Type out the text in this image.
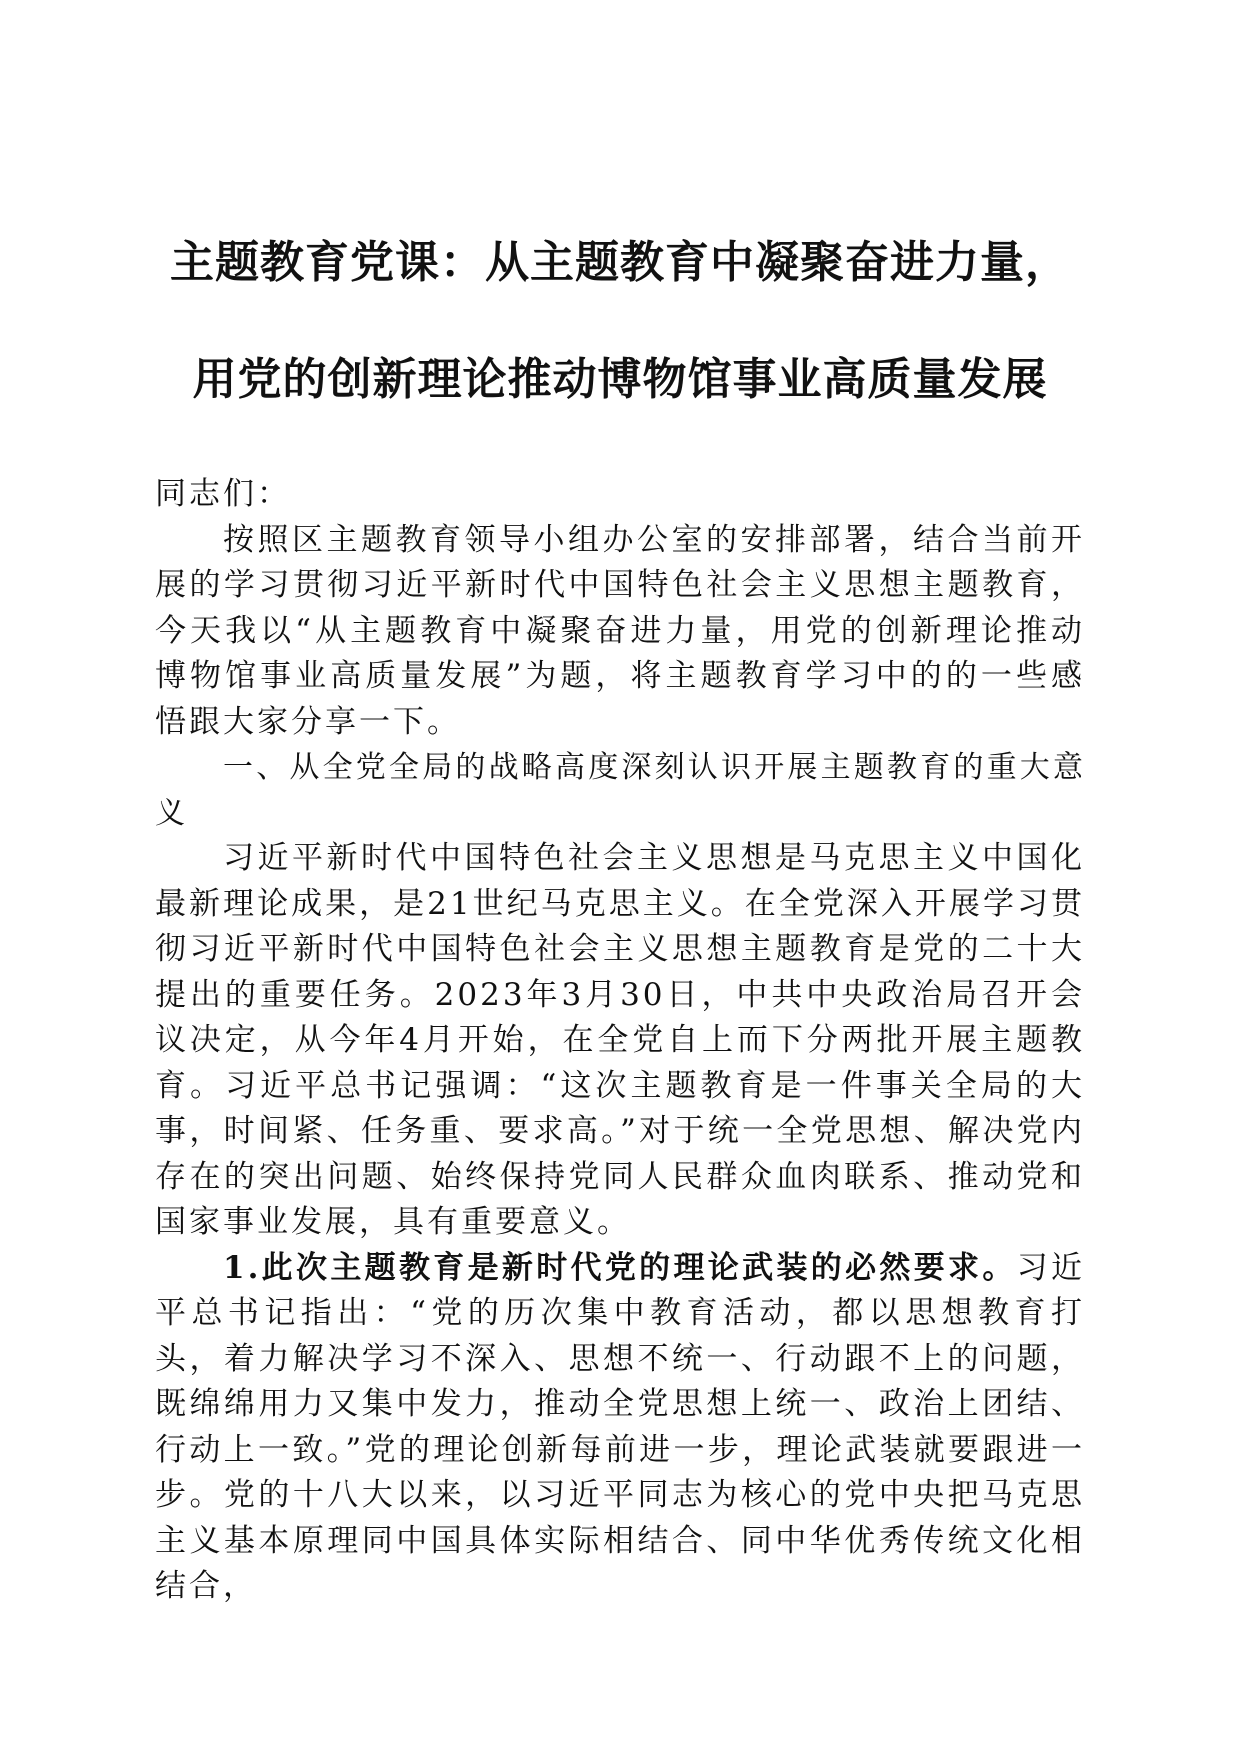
主题教育党课：从主题教育中凝聚奋进力量，
用党的创新理论推动博物馆事业高质量发展

同志们：

按照区主题教育领导小组办公室的安排部署，结合当前开展的学习贯彻习近平新时代中国特色社会主义思想主题教育，今天我以“从主题教育中凝聚奋进力量，用党的创新理论推动博物馆事业高质量发展”为题，将主题教育学习中的的一些感悟跟大家分享一下。

一、从全党全局的战略高度深刻认识开展主题教育的重大意义

习近平新时代中国特色社会主义思想是马克思主义中国化最新理论成果，是21世纪马克思主义。在全党深入开展学习贯彻习近平新时代中国特色社会主义思想主题教育是党的二十大提出的重要任务。2023年3月30日，中共中央政治局召开会议决定，从今年4月开始，在全党自上而下分两批开展主题教育。习近平总书记强调：“这次主题教育是一件事关全局的大事，时间紧、任务重、要求高。”对于统一全党思想、解决党内存在的突出问题、始终保持党同人民群众血肉联系、推动党和国家事业发展，具有重要意义。

1.此次主题教育是新时代党的理论武装的必然要求。习近平总书记指出：“党的历次集中教育活动，都以思想教育打头，着力解决学习不深入、思想不统一、行动跟不上的问题，既绵绵用力又集中发力，推动全党思想上统一、政治上团结、行动上一致。”党的理论创新每前进一步，理论武装就要跟进一步。党的十八大以来，以习近平同志为核心的党中央把马克思主义基本原理同中国具体实际相结合、同中华优秀传统文化相结合，
